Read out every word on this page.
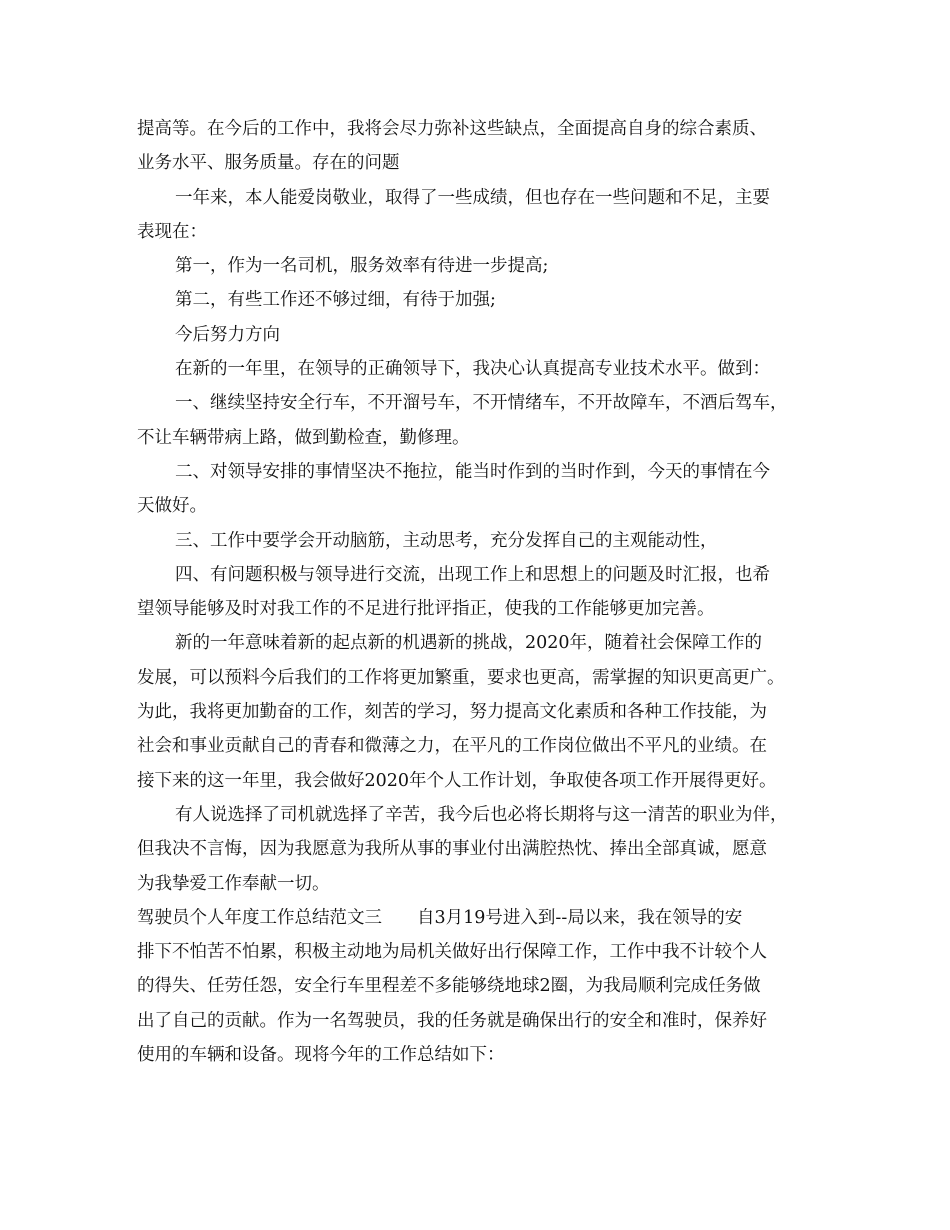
提高等。在今后的工作中，我将会尽力弥补这些缺点，全面提高自身的综合素质、
业务水平、服务质量。存在的问题
一年来，本人能爱岗敬业，取得了一些成绩，但也存在一些问题和不足，主要
表现在：
第一，作为一名司机，服务效率有待进一步提高;
第二，有些工作还不够过细，有待于加强;
今后努力方向
在新的一年里，在领导的正确领导下，我决心认真提高专业技术水平。做到：
一、继续坚持安全行车，不开溜号车，不开情绪车，不开故障车，不酒后驾车，
不让车辆带病上路，做到勤检查，勤修理。
二、对领导安排的事情坚决不拖拉，能当时作到的当时作到，今天的事情在今
天做好。
三、工作中要学会开动脑筋，主动思考，充分发挥自己的主观能动性，
四、有问题积极与领导进行交流，出现工作上和思想上的问题及时汇报，也希
望领导能够及时对我工作的不足进行批评指正，使我的工作能够更加完善。
新的一年意味着新的起点新的机遇新的挑战，2020年，随着社会保障工作的
发展，可以预料今后我们的工作将更加繁重，要求也更高，需掌握的知识更高更广。
为此，我将更加勤奋的工作，刻苦的学习，努力提高文化素质和各种工作技能，为
社会和事业贡献自己的青春和微薄之力，在平凡的工作岗位做出不平凡的业绩。在
接下来的这一年里，我会做好2020年个人工作计划，争取使各项工作开展得更好。
有人说选择了司机就选择了辛苦，我今后也必将长期将与这一清苦的职业为伴，
但我决不言悔，因为我愿意为我所从事的事业付出满腔热忱、捧出全部真诚，愿意
为我挚爱工作奉献一切。
驾驶员个人年度工作总结范文三　　自3月19号进入到--局以来，我在领导的安
排下不怕苦不怕累，积极主动地为局机关做好出行保障工作，工作中我不计较个人
的得失、任劳任怨，安全行车里程差不多能够绕地球2圈，为我局顺利完成任务做
出了自己的贡献。作为一名驾驶员，我的任务就是确保出行的安全和准时，保养好
使用的车辆和设备。现将今年的工作总结如下：
